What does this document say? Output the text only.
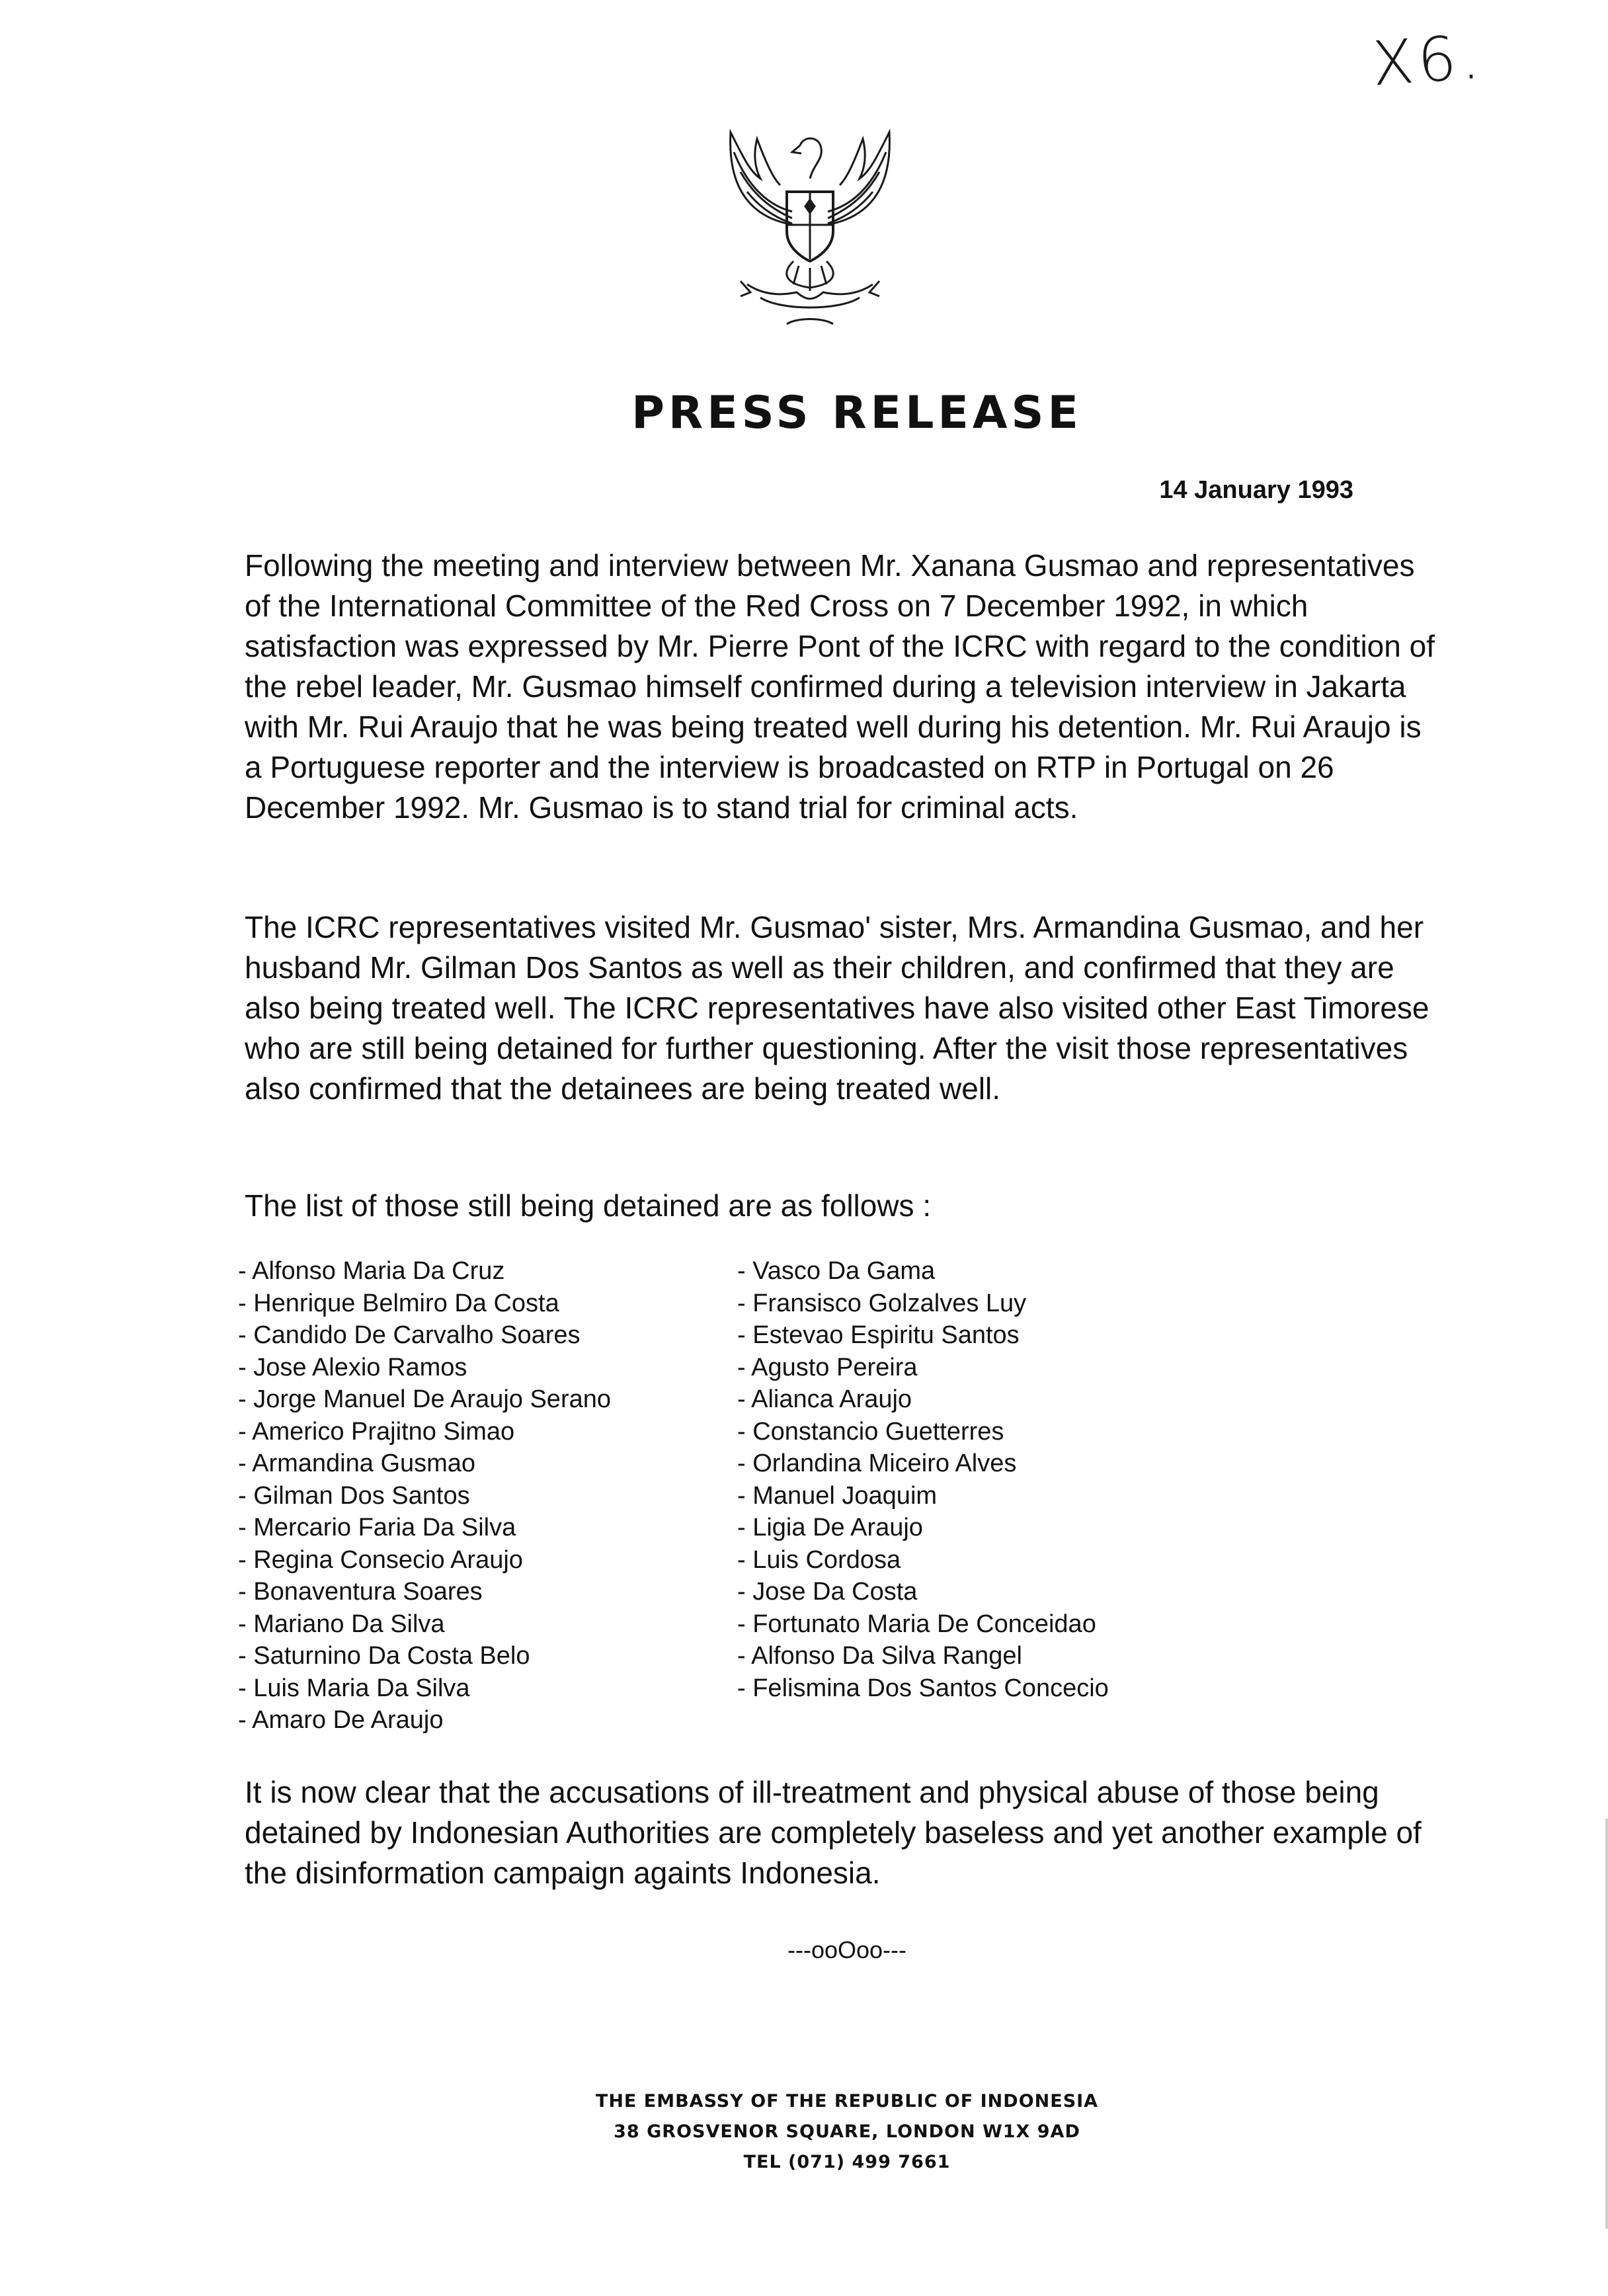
X6.
PRESS RELEASE
14 January 1993

Following the meeting and interview between Mr. Xanana Gusmao and representatives of the International Committee of the Red Cross on 7 December 1992, in which satisfaction was expressed by Mr. Pierre Pont of the ICRC with regard to the condition of the rebel leader, Mr. Gusmao himself confirmed during a television interview in Jakarta with Mr. Rui Araujo that he was being treated well during his detention. Mr. Rui Araujo is a Portuguese reporter and the interview is broadcasted on RTP in Portugal on 26 December 1992. Mr. Gusmao is to stand trial for criminal acts.

The ICRC representatives visited Mr. Gusmao' sister, Mrs. Armandina Gusmao, and her husband Mr. Gilman Dos Santos as well as their children, and confirmed that they are also being treated well. The ICRC representatives have also visited other East Timorese who are still being detained for further questioning. After the visit those representatives also confirmed that the detainees are being treated well.

The list of those still being detained are as follows :

- Alfonso Maria Da Cruz
- Henrique Belmiro Da Costa
- Candido De Carvalho Soares
- Jose Alexio Ramos
- Jorge Manuel De Araujo Serano
- Americo Prajitno Simao
- Armandina Gusmao
- Gilman Dos Santos
- Mercario Faria Da Silva
- Regina Consecio Araujo
- Bonaventura Soares
- Mariano Da Silva
- Saturnino Da Costa Belo
- Luis Maria Da Silva
- Amaro De Araujo
- Vasco Da Gama
- Fransisco Golzalves Luy
- Estevao Espiritu Santos
- Agusto Pereira
- Alianca Araujo
- Constancio Guetterres
- Orlandina Miceiro Alves
- Manuel Joaquim
- Ligia De Araujo
- Luis Cordosa
- Jose Da Costa
- Fortunato Maria De Conceidao
- Alfonso Da Silva Rangel
- Felismina Dos Santos Concecio

It is now clear that the accusations of ill-treatment and physical abuse of those being detained by Indonesian Authorities are completely baseless and yet another example of the disinformation campaign againts Indonesia.

---ooOoo---
THE EMBASSY OF THE REPUBLIC OF INDONESIA
38 GROSVENOR SQUARE, LONDON W1X 9AD
TEL (071) 499 7661
